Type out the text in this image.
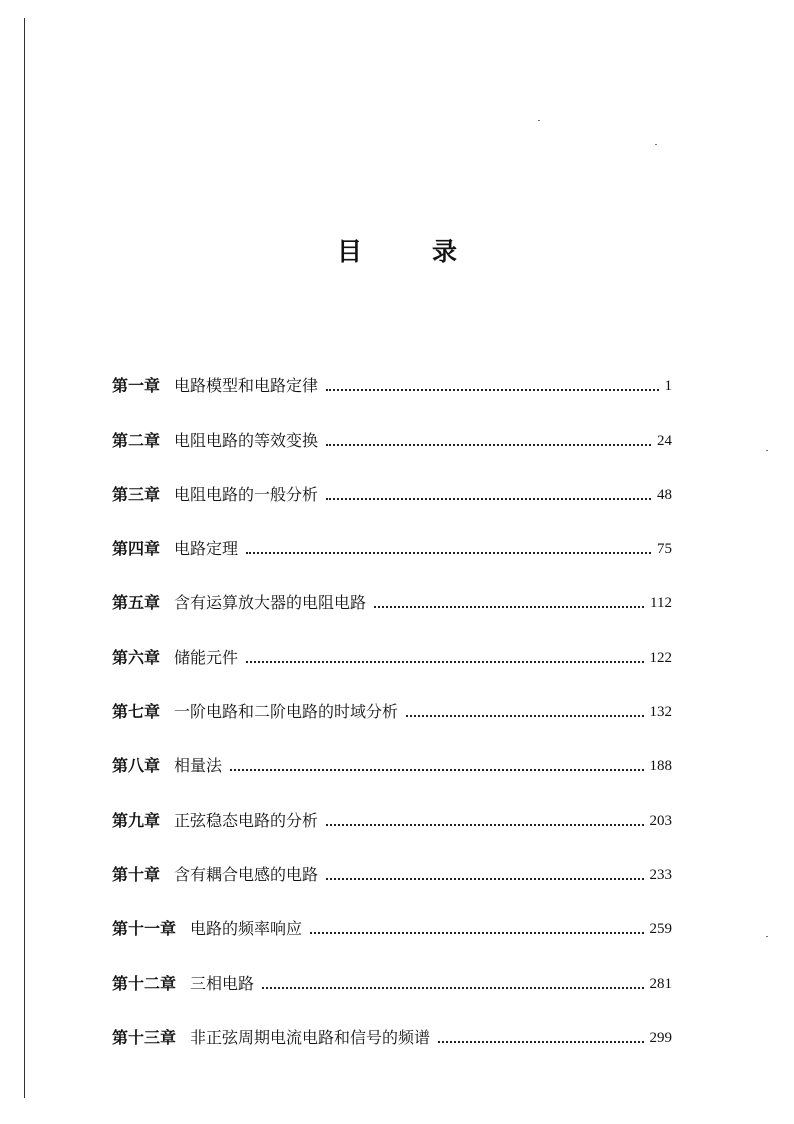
目	录
第一章 电路模型和电路定律	1
第二章 电阻电路的等效变换	24
第三章 电阻电路的一般分析	48
第四章 电路定理	75
第五章 含有运算放大器的电阻电路	112
第六章 储能元件	122
第七章 一阶电路和二阶电路的时域分析	132
第八章 相量法	188
第九章 正弦稳态电路的分析	203
第十章 含有耦合电感的电路	233
第十一章 电路的频率响应	259
第十二章 三相电路	281
第十三章 非正弦周期电流电路和信号的频谱	299
